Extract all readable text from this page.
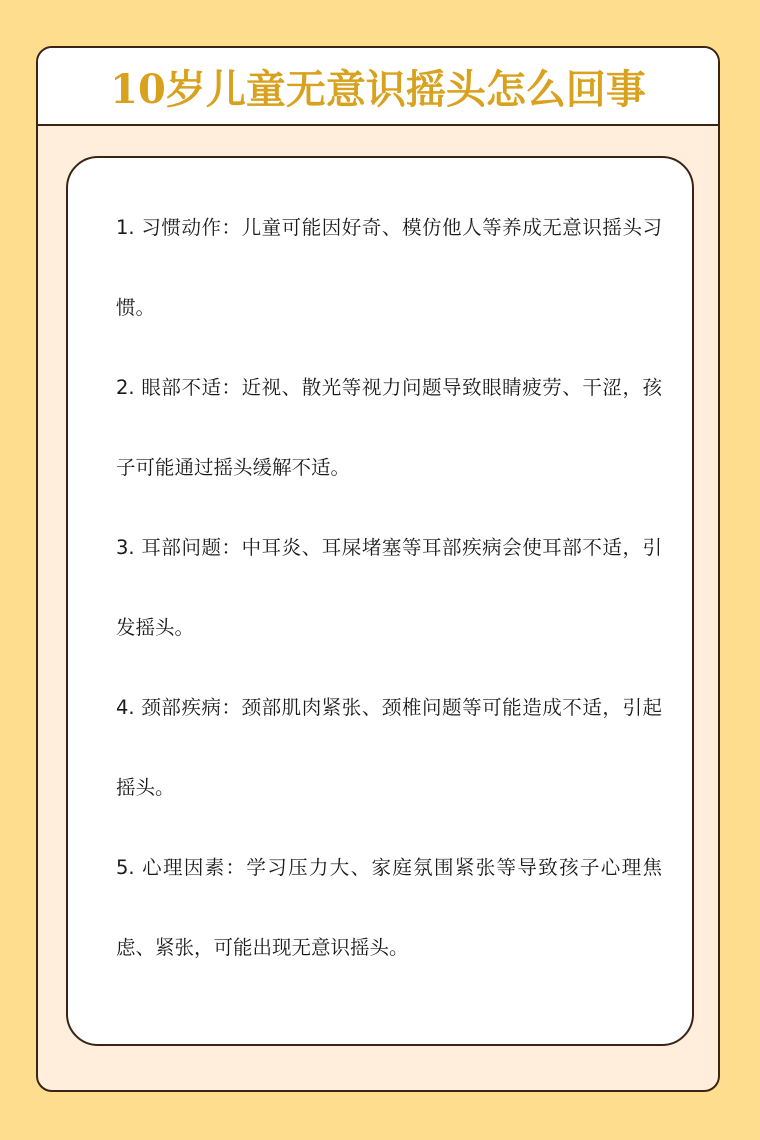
10岁儿童无意识摇头怎么回事

1. 习惯动作：儿童可能因好奇、模仿他人等养成无意识摇头习惯。

2. 眼部不适：近视、散光等视力问题导致眼睛疲劳、干涩，孩子可能通过摇头缓解不适。

3. 耳部问题：中耳炎、耳屎堵塞等耳部疾病会使耳部不适，引发摇头。

4. 颈部疾病：颈部肌肉紧张、颈椎问题等可能造成不适，引起摇头。

5. 心理因素：学习压力大、家庭氛围紧张等导致孩子心理焦虑、紧张，可能出现无意识摇头。
